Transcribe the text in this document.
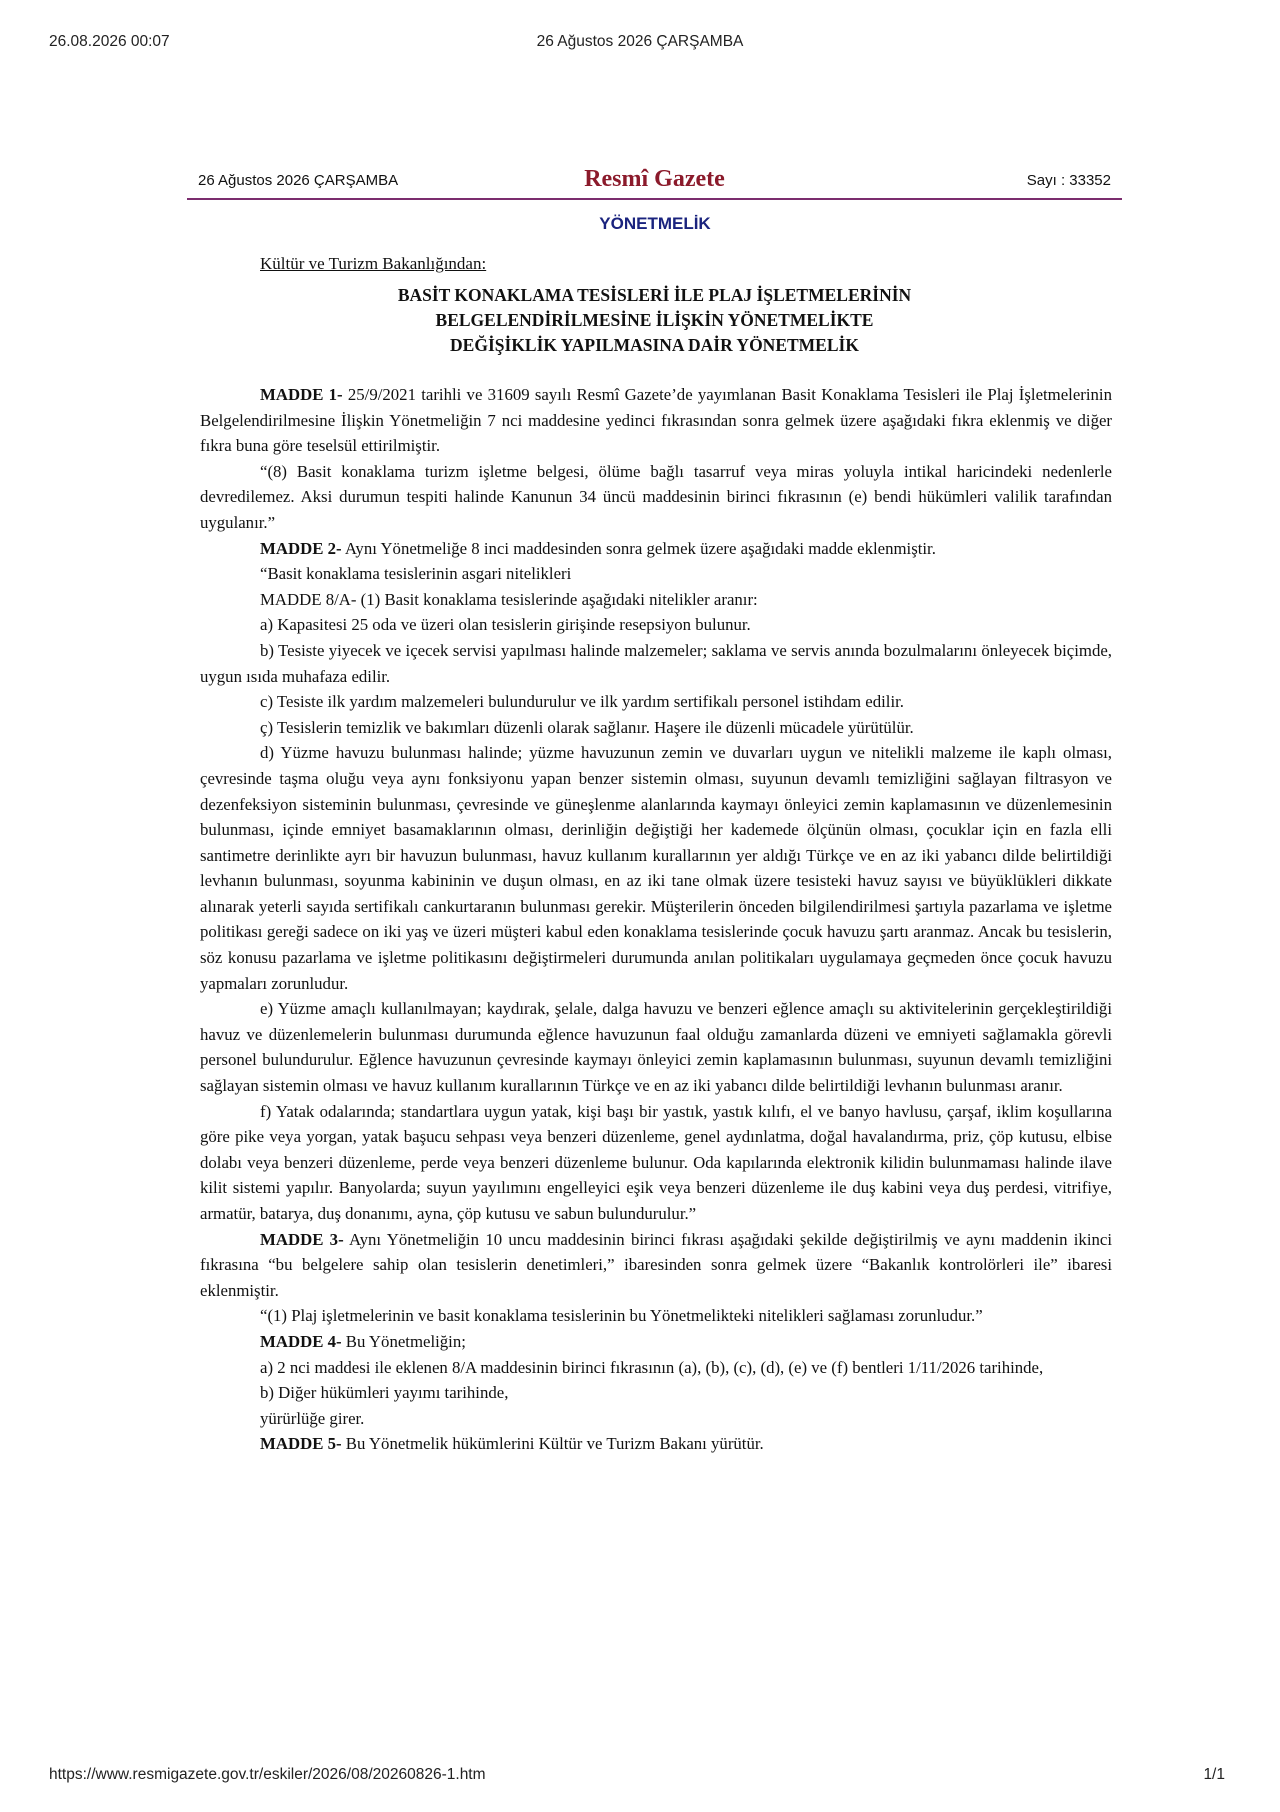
26.08.2026 00:07	26 Ağustos 2026 ÇARŞAMBA
26 Ağustos 2026 ÇARŞAMBA	Resmî Gazete	Sayı : 33352
YÖNETMELİK
Kültür ve Turizm Bakanlığından:
BASİT KONAKLAMA TESİSLERİ İLE PLAJ İŞLETMELERİNİN
BELGELENDİRİLMESİNE İLİŞKİN YÖNETMELİKTE
DEĞİŞİKLİK YAPILMASINA DAİR YÖNETMELİK

MADDE 1- 25/9/2021 tarihli ve 31609 sayılı Resmî Gazete’de yayımlanan Basit Konaklama Tesisleri ile Plaj İşletmelerinin Belgelendirilmesine İlişkin Yönetmeliğin 7 nci maddesine yedinci fıkrasından sonra gelmek üzere aşağıdaki fıkra eklenmiş ve diğer fıkra buna göre teselsül ettirilmiştir.

“(8) Basit konaklama turizm işletme belgesi, ölüme bağlı tasarruf veya miras yoluyla intikal haricindeki nedenlerle devredilemez. Aksi durumun tespiti halinde Kanunun 34 üncü maddesinin birinci fıkrasının (e) bendi hükümleri valilik tarafından uygulanır.”

MADDE 2- Aynı Yönetmeliğe 8 inci maddesinden sonra gelmek üzere aşağıdaki madde eklenmiştir.

“Basit konaklama tesislerinin asgari nitelikleri

MADDE 8/A- (1) Basit konaklama tesislerinde aşağıdaki nitelikler aranır:

a) Kapasitesi 25 oda ve üzeri olan tesislerin girişinde resepsiyon bulunur.

b) Tesiste yiyecek ve içecek servisi yapılması halinde malzemeler; saklama ve servis anında bozulmalarını önleyecek biçimde, uygun ısıda muhafaza edilir.

c) Tesiste ilk yardım malzemeleri bulundurulur ve ilk yardım sertifikalı personel istihdam edilir.

ç) Tesislerin temizlik ve bakımları düzenli olarak sağlanır. Haşere ile düzenli mücadele yürütülür.

d) Yüzme havuzu bulunması halinde; yüzme havuzunun zemin ve duvarları uygun ve nitelikli malzeme ile kaplı olması, çevresinde taşma oluğu veya aynı fonksiyonu yapan benzer sistemin olması, suyunun devamlı temizliğini sağlayan filtrasyon ve dezenfeksiyon sisteminin bulunması, çevresinde ve güneşlenme alanlarında kaymayı önleyici zemin kaplamasının ve düzenlemesinin bulunması, içinde emniyet basamaklarının olması, derinliğin değiştiği her kademede ölçünün olması, çocuklar için en fazla elli santimetre derinlikte ayrı bir havuzun bulunması, havuz kullanım kurallarının yer aldığı Türkçe ve en az iki yabancı dilde belirtildiği levhanın bulunması, soyunma kabininin ve duşun olması, en az iki tane olmak üzere tesisteki havuz sayısı ve büyüklükleri dikkate alınarak yeterli sayıda sertifikalı cankurtaranın bulunması gerekir. Müşterilerin önceden bilgilendirilmesi şartıyla pazarlama ve işletme politikası gereği sadece on iki yaş ve üzeri müşteri kabul eden konaklama tesislerinde çocuk havuzu şartı aranmaz. Ancak bu tesislerin, söz konusu pazarlama ve işletme politikasını değiştirmeleri durumunda anılan politikaları uygulamaya geçmeden önce çocuk havuzu yapmaları zorunludur.

e) Yüzme amaçlı kullanılmayan; kaydırak, şelale, dalga havuzu ve benzeri eğlence amaçlı su aktivitelerinin gerçekleştirildiği havuz ve düzenlemelerin bulunması durumunda eğlence havuzunun faal olduğu zamanlarda düzeni ve emniyeti sağlamakla görevli personel bulundurulur. Eğlence havuzunun çevresinde kaymayı önleyici zemin kaplamasının bulunması, suyunun devamlı temizliğini sağlayan sistemin olması ve havuz kullanım kurallarının Türkçe ve en az iki yabancı dilde belirtildiği levhanın bulunması aranır.

f) Yatak odalarında; standartlara uygun yatak, kişi başı bir yastık, yastık kılıfı, el ve banyo havlusu, çarşaf, iklim koşullarına göre pike veya yorgan, yatak başucu sehpası veya benzeri düzenleme, genel aydınlatma, doğal havalandırma, priz, çöp kutusu, elbise dolabı veya benzeri düzenleme, perde veya benzeri düzenleme bulunur. Oda kapılarında elektronik kilidin bulunmaması halinde ilave kilit sistemi yapılır. Banyolarda; suyun yayılımını engelleyici eşik veya benzeri düzenleme ile duş kabini veya duş perdesi, vitrifiye, armatür, batarya, duş donanımı, ayna, çöp kutusu ve sabun bulundurulur.”

MADDE 3- Aynı Yönetmeliğin 10 uncu maddesinin birinci fıkrası aşağıdaki şekilde değiştirilmiş ve aynı maddenin ikinci fıkrasına “bu belgelere sahip olan tesislerin denetimleri,” ibaresinden sonra gelmek üzere “Bakanlık kontrolörleri ile” ibaresi eklenmiştir.

“(1) Plaj işletmelerinin ve basit konaklama tesislerinin bu Yönetmelikteki nitelikleri sağlaması zorunludur.”

MADDE 4- Bu Yönetmeliğin;

a) 2 nci maddesi ile eklenen 8/A maddesinin birinci fıkrasının (a), (b), (c), (d), (e) ve (f) bentleri 1/11/2026 tarihinde,

b) Diğer hükümleri yayımı tarihinde,

yürürlüğe girer.

MADDE 5- Bu Yönetmelik hükümlerini Kültür ve Turizm Bakanı yürütür.

https://www.resmigazete.gov.tr/eskiler/2026/08/20260826-1.htm	1/1
